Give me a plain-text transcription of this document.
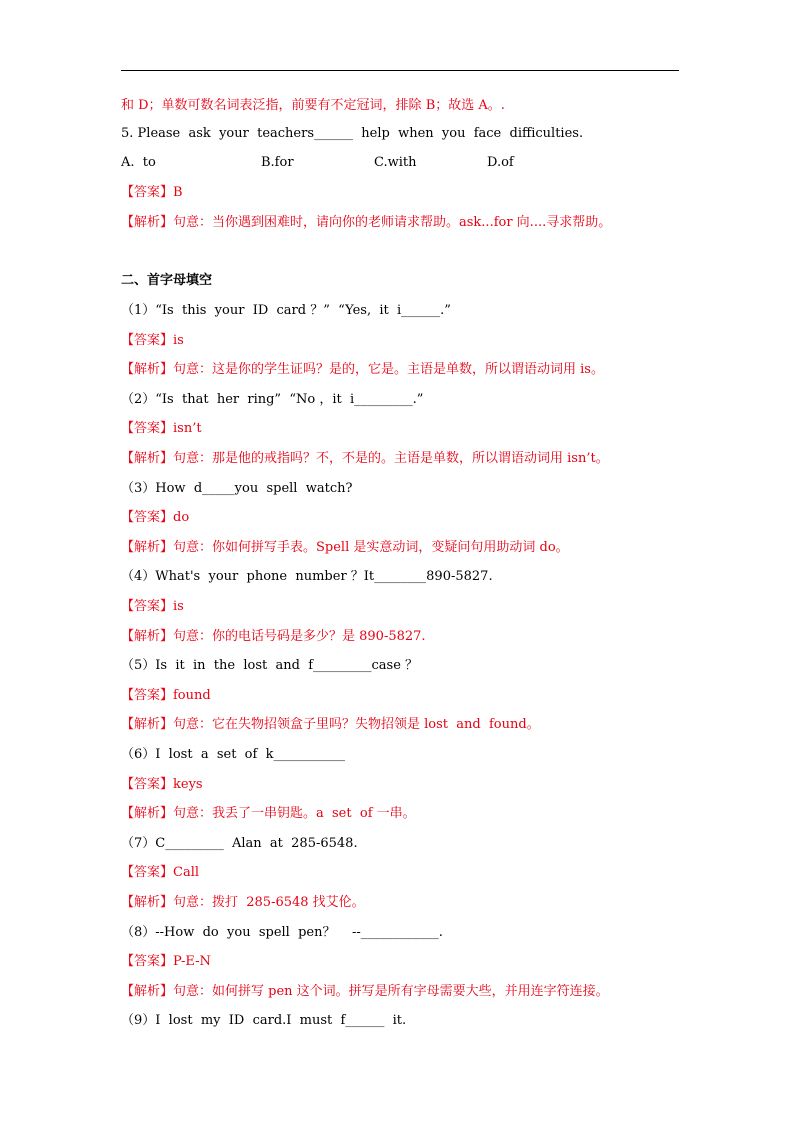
和 D；单数可数名词表泛指，前要有不定冠词，排除 B；故选 A。.
5. Please  ask  your  teachers______  help  when  you  face  difficulties.
A.  to	B.for	C.with	D.of
【答案】B
【解析】句意：当你遇到困难时，请向你的老师请求帮助。ask...for 向....寻求帮助。
二、首字母填空
（1）“Is  this  your  ID  card ？”  “Yes,  it  i______.”
【答案】is
【解析】句意：这是你的学生证吗？是的，它是。主语是单数，所以谓语动词用 is。
（2）“Is  that  her  ring”  “No ，it  i_________.”
【答案】isn’t
【解析】句意：那是他的戒指吗？不，不是的。主语是单数，所以谓语动词用 isn’t。
（3）How  d_____you  spell  watch?
【答案】do
【解析】句意：你如何拼写手表。Spell 是实意动词，变疑问句用助动词 do。
（4）What's  your  phone  number ？It________890-5827.
【答案】is
【解析】句意：你的电话号码是多少？是 890-5827.
（5）Is  it  in  the  lost  and  f_________case ？
【答案】found
【解析】句意：它在失物招领盒子里吗？失物招领是 lost  and  found。
（6）I  lost  a  set  of  k___________
【答案】keys
【解析】句意：我丢了一串钥匙。a  set  of 一串。
（7）C_________  Alan  at  285-6548.
【答案】Call
【解析】句意：拨打  285-6548 找艾伦。
（8）--How  do  you  spell  pen？    --____________.
【答案】P-E-N
【解析】句意：如何拼写 pen 这个词。拼写是所有字母需要大些，并用连字符连接。
（9）I  lost  my  ID  card.I  must  f______  it.
